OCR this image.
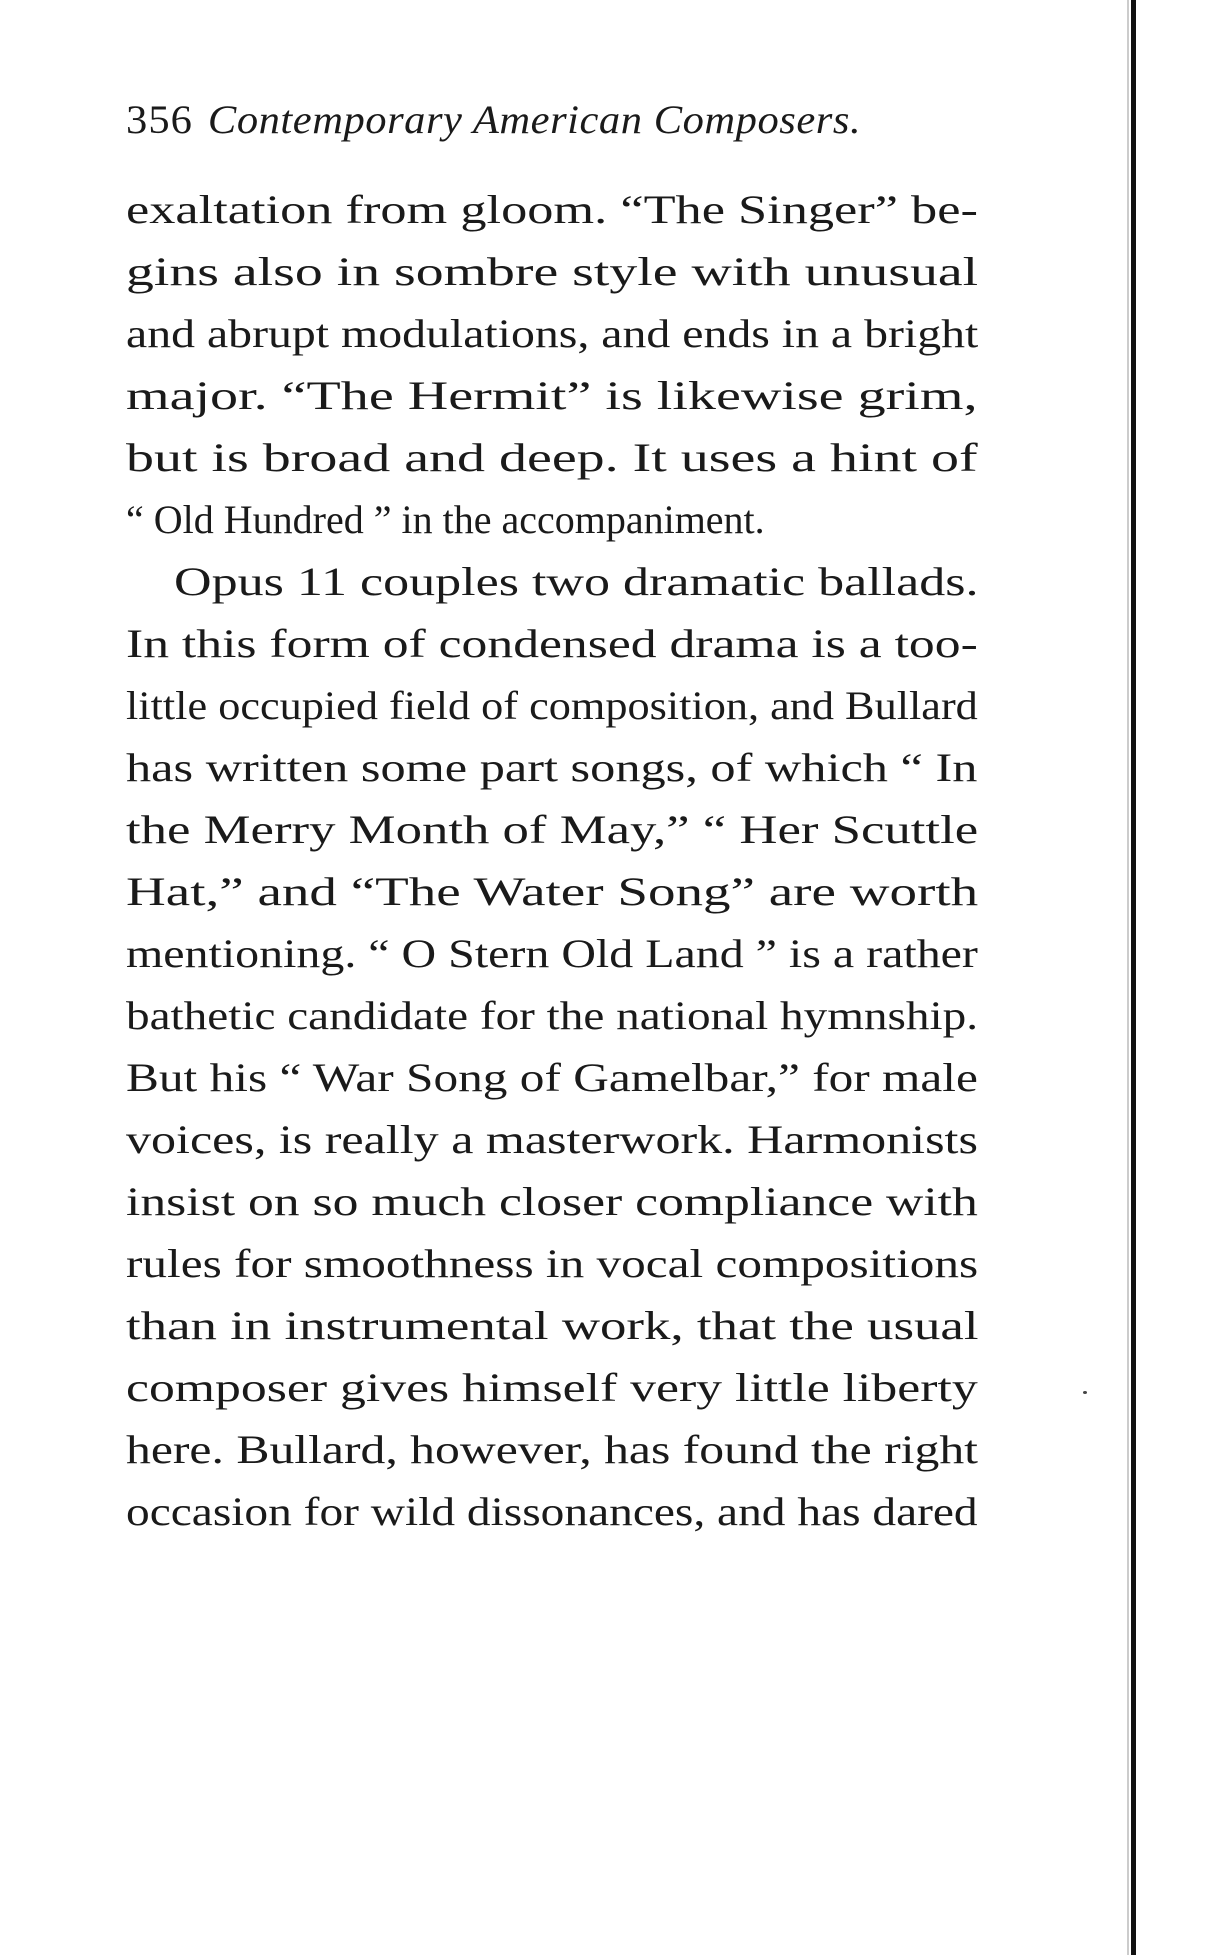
356 Contemporary American Composers.
exaltation from gloom. “The Singer” be-
gins also in sombre style with unusual
and abrupt modulations, and ends in a bright
major. “The Hermit” is likewise grim,
but is broad and deep. It uses a hint of
“ Old Hundred ” in the accompaniment.
Opus 11 couples two dramatic ballads.
In this form of condensed drama is a too-
little occupied field of composition, and Bullard
has written some part songs, of which “ In
the Merry Month of May,” “ Her Scuttle
Hat,” and “The Water Song” are worth
mentioning. “ O Stern Old Land ” is a rather
bathetic candidate for the national hymnship.
But his “ War Song of Gamelbar,” for male
voices, is really a masterwork. Harmonists
insist on so much closer compliance with
rules for smoothness in vocal compositions
than in instrumental work, that the usual
composer gives himself very little liberty
here. Bullard, however, has found the right
occasion for wild dissonances, and has dared
